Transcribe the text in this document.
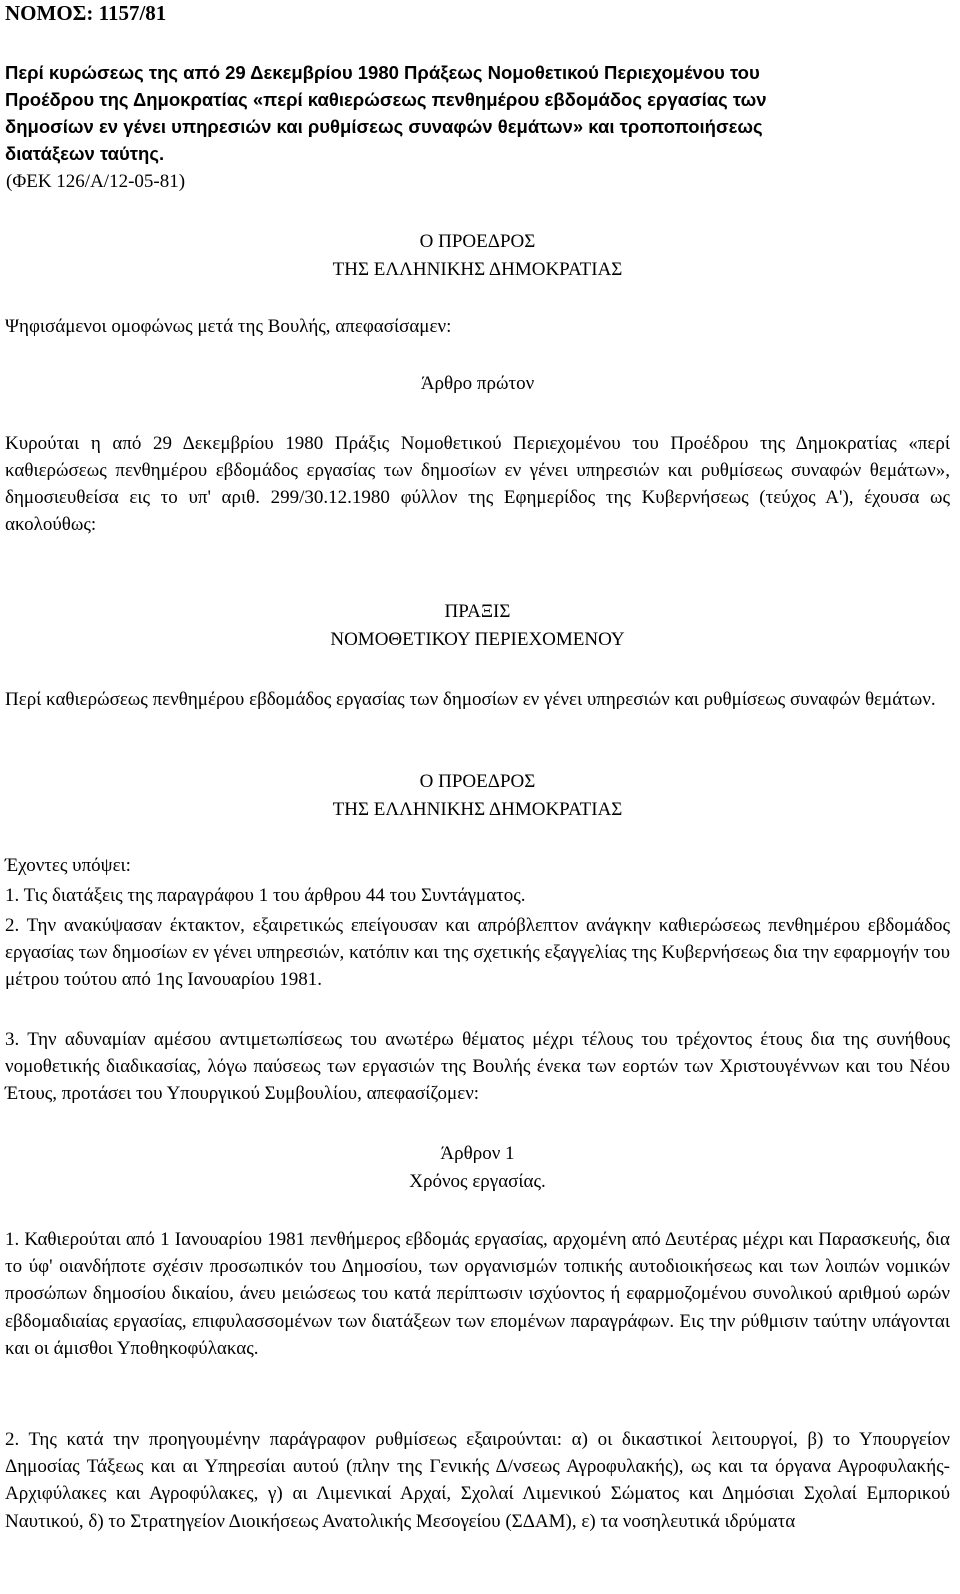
ΝΟΜΟΣ: 1157/81
Περί κυρώσεως της από 29 Δεκεμβρίου 1980 Πράξεως Νομοθετικού Περιεχομένου του
Προέδρου της Δημοκρατίας «περί καθιερώσεως πενθημέρου εβδομάδος εργασίας των
δημοσίων εν γένει υπηρεσιών και ρυθμίσεως συναφών θεμάτων» και τροποποιήσεως
διατάξεων ταύτης.
(ΦΕΚ 126/Α/12-05-81)
Ο ΠΡΟΕΔΡΟΣ
ΤΗΣ ΕΛΛΗΝΙΚΗΣ ΔΗΜΟΚΡΑΤΙΑΣ
Ψηφισάμενοι ομοφώνως μετά της Βουλής, απεφασίσαμεν:
Άρθρο πρώτον
Κυρούται η από 29 Δεκεμβρίου 1980 Πράξις Νομοθετικού Περιεχομένου του Προέδρου της Δημοκρατίας «περί καθιερώσεως πενθημέρου εβδομάδος εργασίας των δημοσίων εν γένει υπηρεσιών και ρυθμίσεως συναφών θεμάτων», δημοσιευθείσα εις το υπ' αριθ. 299/30.12.1980 φύλλον της Εφημερίδος της Κυβερνήσεως (τεύχος Α'), έχουσα ως ακολούθως:
ΠΡΑΞΙΣ
ΝΟΜΟΘΕΤΙΚΟΥ ΠΕΡΙΕΧΟΜΕΝΟΥ
Περί καθιερώσεως πενθημέρου εβδομάδος εργασίας των δημοσίων εν γένει υπηρεσιών και ρυθμίσεως συναφών θεμάτων.
Ο ΠΡΟΕΔΡΟΣ
ΤΗΣ ΕΛΛΗΝΙΚΗΣ ΔΗΜΟΚΡΑΤΙΑΣ
Έχοντες υπόψει:
1. Τις διατάξεις της παραγράφου 1 του άρθρου 44 του Συντάγματος.
2. Την ανακύψασαν έκτακτον, εξαιρετικώς επείγουσαν και απρόβλεπτον ανάγκην καθιερώσεως πενθημέρου εβδομάδος εργασίας των δημοσίων εν γένει υπηρεσιών, κατόπιν και της σχετικής εξαγγελίας της Κυβερνήσεως δια την εφαρμογήν του μέτρου τούτου από 1ης Ιανουαρίου 1981.
3. Την αδυναμίαν αμέσου αντιμετωπίσεως του ανωτέρω θέματος μέχρι τέλους του τρέχοντος έτους δια της συνήθους νομοθετικής διαδικασίας, λόγω παύσεως των εργασιών της Βουλής ένεκα των εορτών των Χριστουγέννων και του Νέου Έτους, προτάσει του Υπουργικού Συμβουλίου, απεφασίζομεν:
Άρθρον 1
Χρόνος εργασίας.
1. Καθιερούται από 1 Ιανουαρίου 1981 πενθήμερος εβδομάς εργασίας, αρχομένη από Δευτέρας μέχρι και Παρασκευής, δια το ύφ' οιανδήποτε σχέσιν προσωπικόν του Δημοσίου, των οργανισμών τοπικής αυτοδιοικήσεως και των λοιπών νομικών προσώπων δημοσίου δικαίου, άνευ μειώσεως του κατά περίπτωσιν ισχύοντος ή εφαρμοζομένου συνολικού αριθμού ωρών εβδομαδιαίας εργασίας, επιφυλασσομένων των διατάξεων των επομένων παραγράφων. Εις την ρύθμισιν ταύτην υπάγονται και οι άμισθοι Υποθηκοφύλακας.
2. Της κατά την προηγουμένην παράγραφον ρυθμίσεως εξαιρούνται: α) οι δικαστικοί λειτουργοί, β) το Υπουργείον Δημοσίας Τάξεως και αι Υπηρεσίαι αυτού (πλην της Γενικής Δ/νσεως Αγροφυλακής), ως και τα όργανα Αγροφυλακής-Αρχιφύλακες και Αγροφύλακες, γ) αι Λιμενικαί Αρχαί, Σχολαί Λιμενικού Σώματος και Δημόσιαι Σχολαί Εμπορικού Ναυτικού, δ) το Στρατηγείον Διοικήσεως Ανατολικής Μεσογείου (ΣΔΑΜ), ε) τα νοσηλευτικά ιδρύματα
